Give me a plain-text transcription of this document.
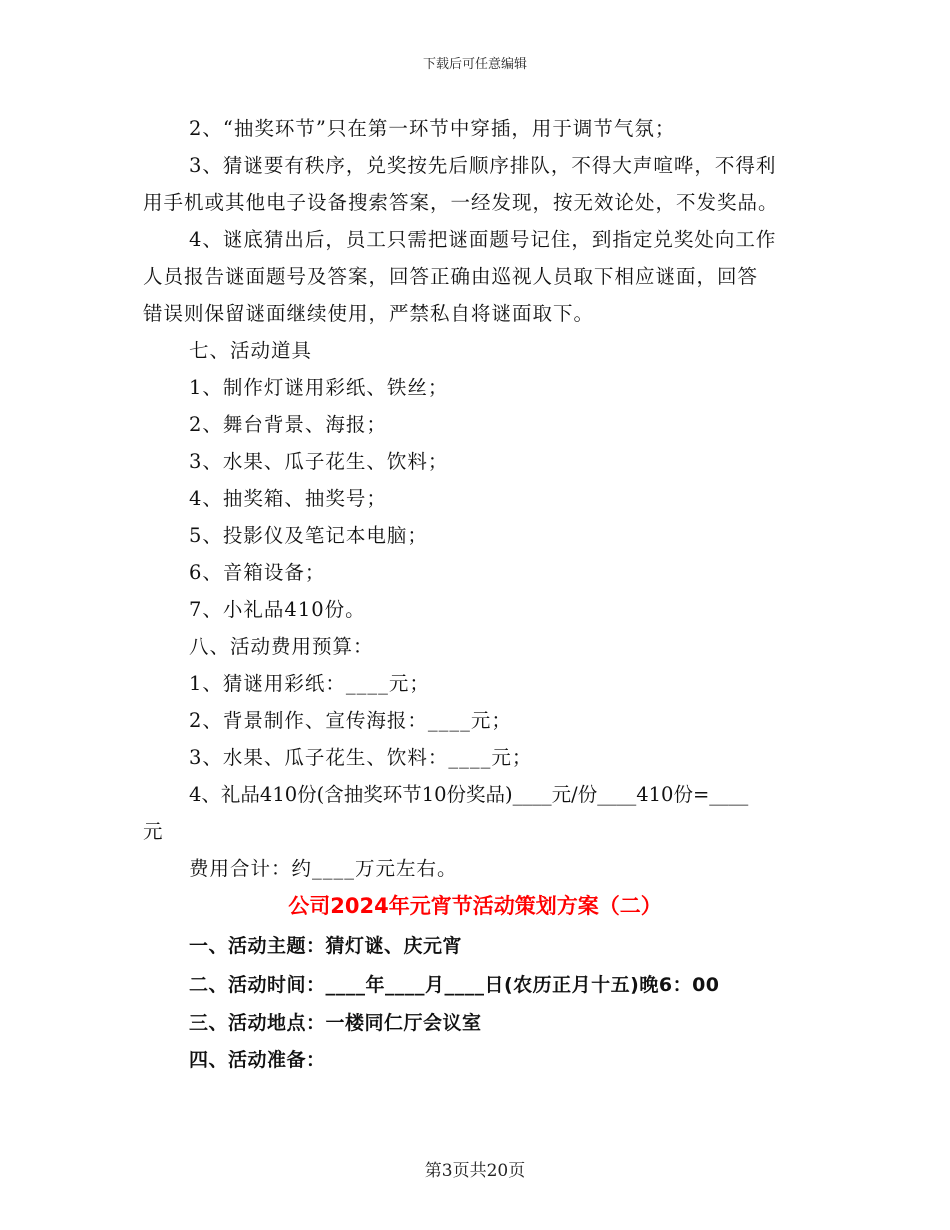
下载后可任意编辑
2、“抽奖环节”只在第一环节中穿插，用于调节气氛；
3、猜谜要有秩序，兑奖按先后顺序排队，不得大声喧哗，不得利
用手机或其他电子设备搜索答案，一经发现，按无效论处，不发奖品。
4、谜底猜出后，员工只需把谜面题号记住，到指定兑奖处向工作
人员报告谜面题号及答案，回答正确由巡视人员取下相应谜面，回答
错误则保留谜面继续使用，严禁私自将谜面取下。
七、活动道具
1、制作灯谜用彩纸、铁丝；
2、舞台背景、海报；
3、水果、瓜子花生、饮料；
4、抽奖箱、抽奖号；
5、投影仪及笔记本电脑；
6、音箱设备；
7、小礼品410份。
八、活动费用预算：
1、猜谜用彩纸：____元；
2、背景制作、宣传海报：____元；
3、水果、瓜子花生、饮料：____元；
4、礼品410份(含抽奖环节10份奖品)____元/份____410份=____
元
费用合计：约____万元左右。
公司2024年元宵节活动策划方案（二）
一、活动主题：猜灯谜、庆元宵
二、活动时间：____年____月____日(农历正月十五)晚6：00
三、活动地点：一楼同仁厅会议室
四、活动准备：
第3页共20页
